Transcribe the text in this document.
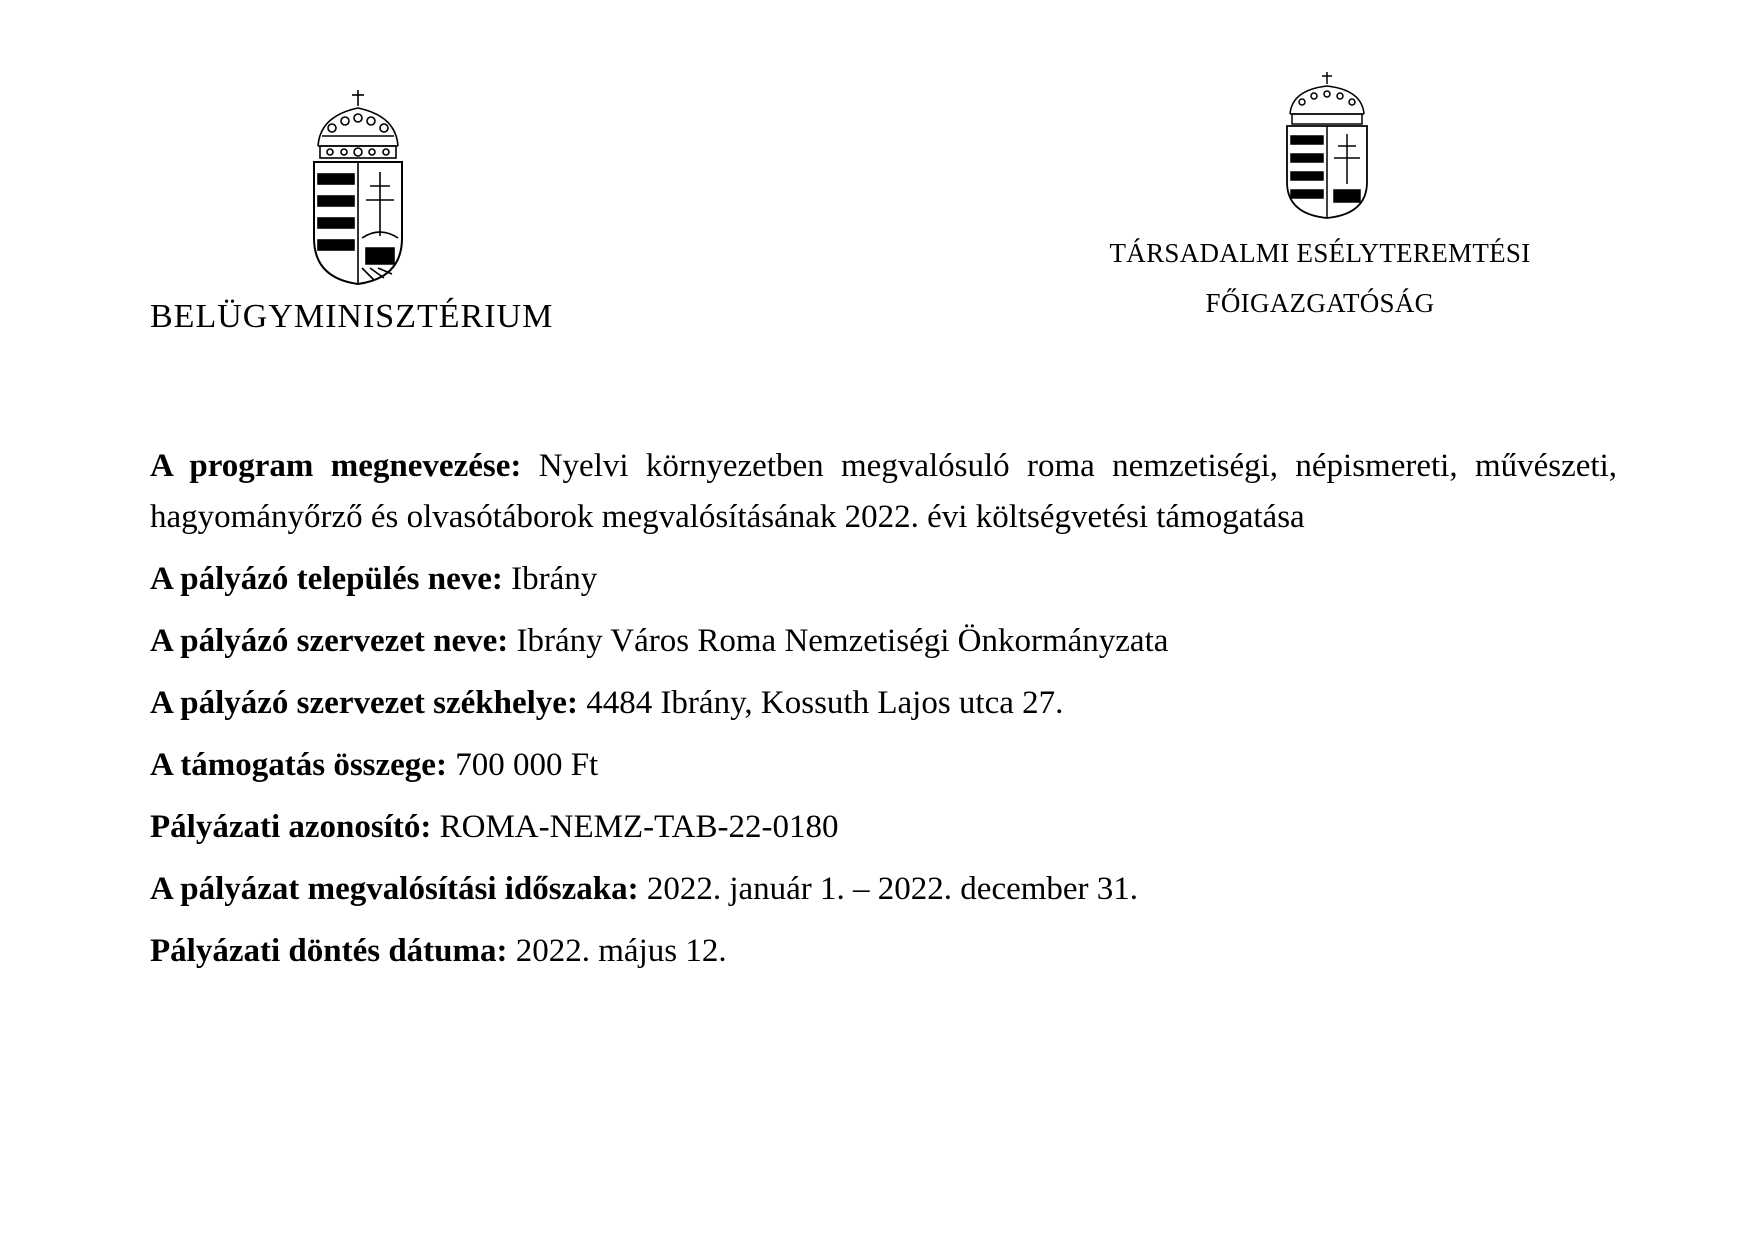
BELÜGYMINISZTÉRIUM
TÁRSADALMI ESÉLYTEREMTÉSI
FŐIGAZGATÓSÁG

A program megnevezése: Nyelvi környezetben megvalósuló roma nemzetiségi, népismereti, művészeti, hagyományőrző és olvasótáborok megvalósításának 2022. évi költségvetési támogatása

A pályázó település neve: Ibrány

A pályázó szervezet neve: Ibrány Város Roma Nemzetiségi Önkormányzata

A pályázó szervezet székhelye: 4484 Ibrány, Kossuth Lajos utca 27.

A támogatás összege: 700 000 Ft

Pályázati azonosító: ROMA-NEMZ-TAB-22-0180

A pályázat megvalósítási időszaka: 2022. január 1. – 2022. december 31.

Pályázati döntés dátuma: 2022. május 12.
